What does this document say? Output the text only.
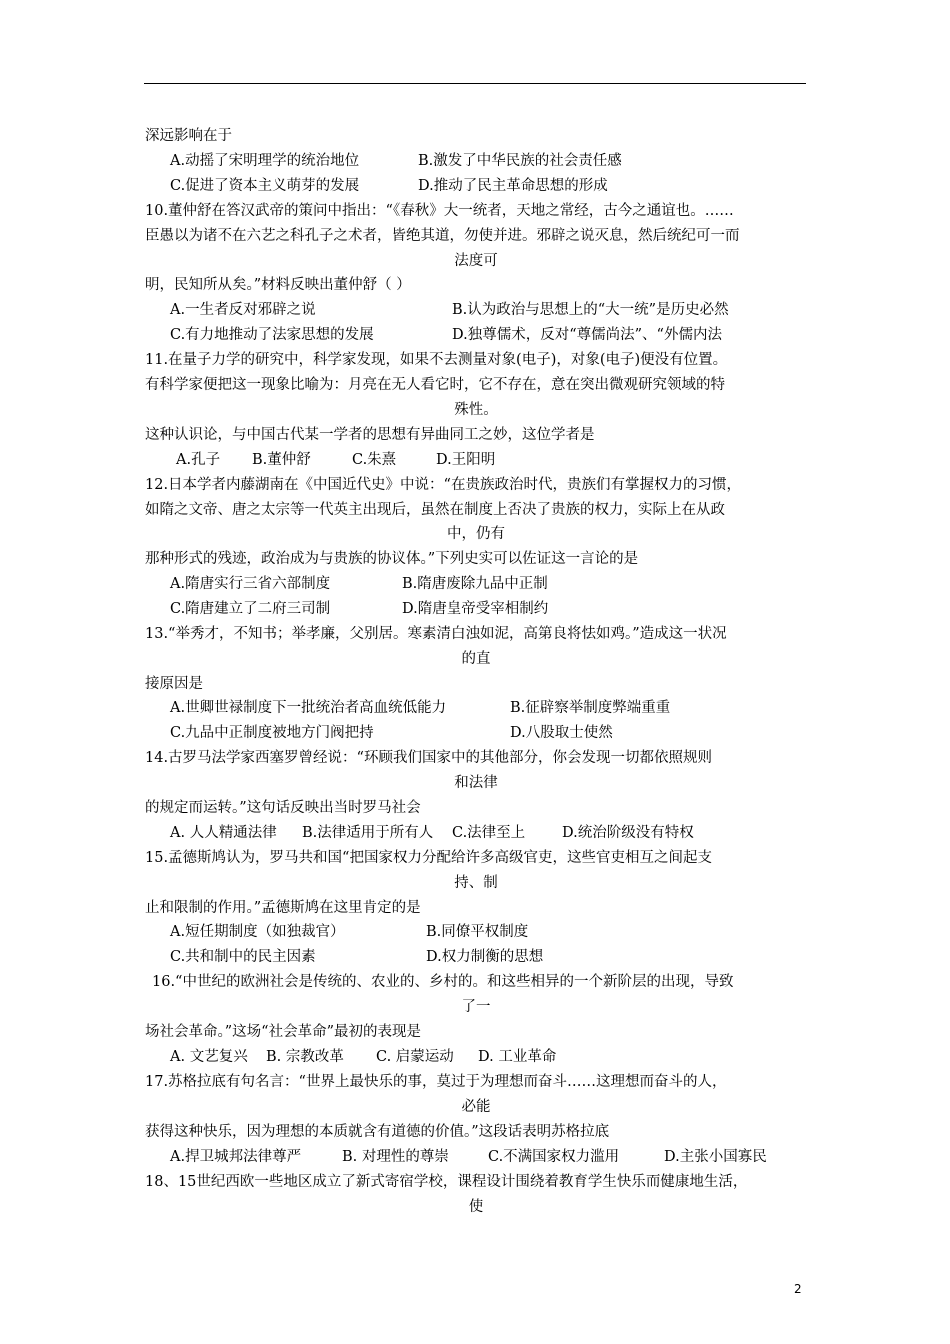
深远影响在于
A.动摇了宋明理学的统治地位	B.激发了中华民族的社会责任感
C.促进了资本主义萌芽的发展	D.推动了民主革命思想的形成
10.董仲舒在答汉武帝的策问中指出：“《春秋》大一统者，天地之常经，古今之通谊也。……
臣愚以为诸不在六艺之科孔子之术者，皆绝其道，勿使并进。邪辟之说灭息，然后统纪可一而
法度可
明，民知所从矣。”材料反映出董仲舒（ ）
A.一生者反对邪辟之说	B.认为政治与思想上的“大一统”是历史必然
C.有力地推动了法家思想的发展	D.独尊儒术，反对“尊儒尚法”、“外儒内法
11.在量子力学的研究中，科学家发现，如果不去测量对象(电子)，对象(电子)便没有位置。
有科学家便把这一现象比喻为：月亮在无人看它时，它不存在，意在突出微观研究领域的特
殊性。
这种认识论，与中国古代某一学者的思想有异曲同工之妙，这位学者是
A.孔子 B.董仲舒	C.朱熹	D.王阳明
12.日本学者内藤湖南在《中国近代史》中说：“在贵族政治时代，贵族们有掌握权力的习惯，
如隋之文帝、唐之太宗等一代英主出现后，虽然在制度上否决了贵族的权力，实际上在从政
中，仍有
那种形式的残迹，政治成为与贵族的协议体。”下列史实可以佐证这一言论的是
A.隋唐实行三省六部制度	B.隋唐废除九品中正制
C.隋唐建立了二府三司制	D.隋唐皇帝受宰相制约
13.“举秀才，不知书；举孝廉，父别居。寒素清白浊如泥，高第良将怯如鸡。”造成这一状况
的直
接原因是
A.世卿世禄制度下一批统治者高血统低能力	B.征辟察举制度弊端重重
C.九品中正制度被地方门阀把持	D.八股取士使然
14.古罗马法学家西塞罗曾经说：“环顾我们国家中的其他部分，你会发现一切都依照规则
和法律
的规定而运转。”这句话反映出当时罗马社会
A. 人人精通法律 B.法律适用于所有人 C.法律至上	D.统治阶级没有特权
15.孟德斯鸠认为，罗马共和国“把国家权力分配给许多高级官吏，这些官吏相互之间起支
持、制
止和限制的作用。”孟德斯鸠在这里肯定的是
A.短任期制度（如独裁官）	B.同僚平权制度
C.共和制中的民主因素	D.权力制衡的思想
16.“中世纪的欧洲社会是传统的、农业的、乡村的。和这些相异的一个新阶层的出现，导致
了一
场社会革命。”这场“社会革命”最初的表现是
A. 文艺复兴 B. 宗教改革 C. 启蒙运动 D. 工业革命
17.苏格拉底有句名言：“世界上最快乐的事，莫过于为理想而奋斗……这理想而奋斗的人，
必能
获得这种快乐，因为理想的本质就含有道德的价值。”这段话表明苏格拉底
A.捍卫城邦法律尊严	B. 对理性的尊崇	C.不满国家权力滥用	D.主张小国寡民
18、15世纪西欧一些地区成立了新式寄宿学校，课程设计围绕着教育学生快乐而健康地生活，
使
2
